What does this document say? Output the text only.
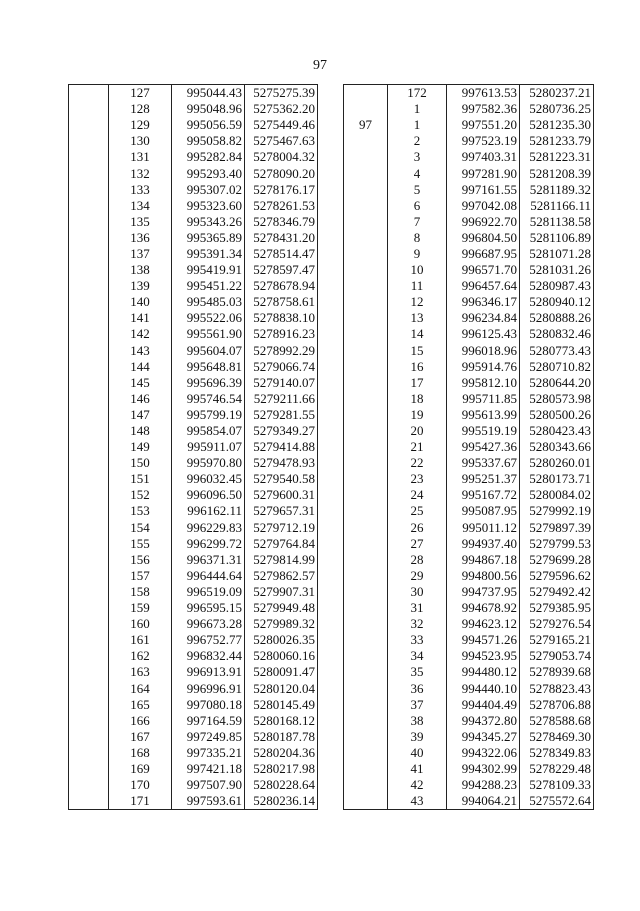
97
	127	995044.43	5275275.39
	128	995048.96	5275362.20
	129	995056.59	5275449.46
	130	995058.82	5275467.63
	131	995282.84	5278004.32
	132	995293.40	5278090.20
	133	995307.02	5278176.17
	134	995323.60	5278261.53
	135	995343.26	5278346.79
	136	995365.89	5278431.20
	137	995391.34	5278514.47
	138	995419.91	5278597.47
	139	995451.22	5278678.94
	140	995485.03	5278758.61
	141	995522.06	5278838.10
	142	995561.90	5278916.23
	143	995604.07	5278992.29
	144	995648.81	5279066.74
	145	995696.39	5279140.07
	146	995746.54	5279211.66
	147	995799.19	5279281.55
	148	995854.07	5279349.27
	149	995911.07	5279414.88
	150	995970.80	5279478.93
	151	996032.45	5279540.58
	152	996096.50	5279600.31
	153	996162.11	5279657.31
	154	996229.83	5279712.19
	155	996299.72	5279764.84
	156	996371.31	5279814.99
	157	996444.64	5279862.57
	158	996519.09	5279907.31
	159	996595.15	5279949.48
	160	996673.28	5279989.32
	161	996752.77	5280026.35
	162	996832.44	5280060.16
	163	996913.91	5280091.47
	164	996996.91	5280120.04
	165	997080.18	5280145.49
	166	997164.59	5280168.12
	167	997249.85	5280187.78
	168	997335.21	5280204.36
	169	997421.18	5280217.98
	170	997507.90	5280228.64
	171	997593.61	5280236.14
	172	997613.53	5280237.21
	1	997582.36	5280736.25
97	1	997551.20	5281235.30
	2	997523.19	5281233.79
	3	997403.31	5281223.31
	4	997281.90	5281208.39
	5	997161.55	5281189.32
	6	997042.08	5281166.11
	7	996922.70	5281138.58
	8	996804.50	5281106.89
	9	996687.95	5281071.28
	10	996571.70	5281031.26
	11	996457.64	5280987.43
	12	996346.17	5280940.12
	13	996234.84	5280888.26
	14	996125.43	5280832.46
	15	996018.96	5280773.43
	16	995914.76	5280710.82
	17	995812.10	5280644.20
	18	995711.85	5280573.98
	19	995613.99	5280500.26
	20	995519.19	5280423.43
	21	995427.36	5280343.66
	22	995337.67	5280260.01
	23	995251.37	5280173.71
	24	995167.72	5280084.02
	25	995087.95	5279992.19
	26	995011.12	5279897.39
	27	994937.40	5279799.53
	28	994867.18	5279699.28
	29	994800.56	5279596.62
	30	994737.95	5279492.42
	31	994678.92	5279385.95
	32	994623.12	5279276.54
	33	994571.26	5279165.21
	34	994523.95	5279053.74
	35	994480.12	5278939.68
	36	994440.10	5278823.43
	37	994404.49	5278706.88
	38	994372.80	5278588.68
	39	994345.27	5278469.30
	40	994322.06	5278349.83
	41	994302.99	5278229.48
	42	994288.23	5278109.33
	43	994064.21	5275572.64
